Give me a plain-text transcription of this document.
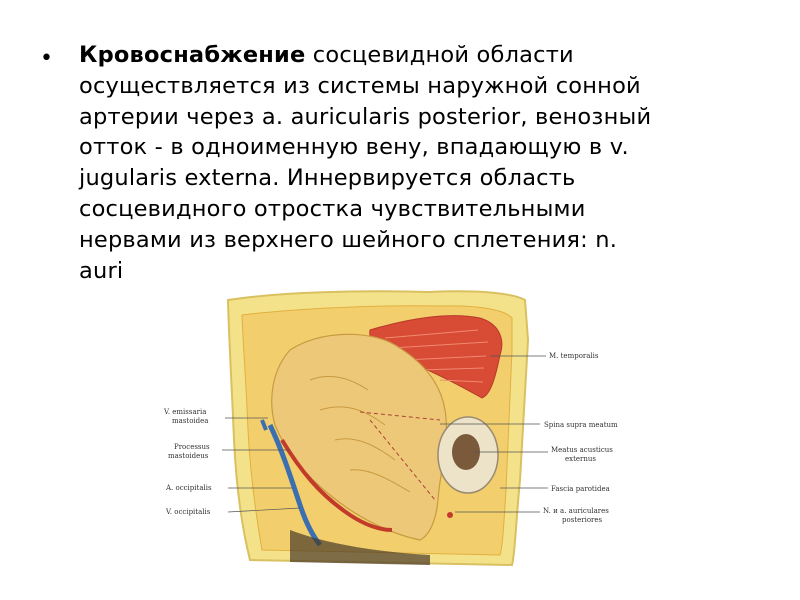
• Кровоснабжение сосцевидной области
осуществляется из системы наружной сонной
артерии через a. auricularis posterior, венозный
отток - в одноименную вену, впадающую в v.
jugularis externa. Иннервируется область
сосцевидного отростка чувствительными
нервами из верхнего шейного сплетения: n.
auri
M. temporalis
Spina supra meatum
Meatus acusticus
externus
Fascia parotidea
N. и a. auriculares
posteriores
V. emissaria
mastoidea
Processus
mastoideus
A. occipitalis
V. occipitalis
